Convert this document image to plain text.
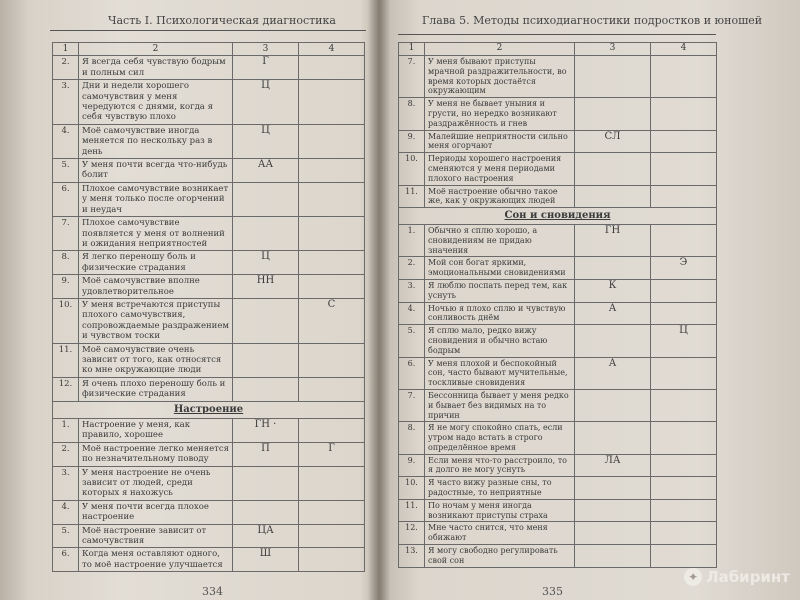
Часть I. Психологическая диагностика
1	2	3	4
2.	Я всегда себя чувствую бодрым и полным сил	Г	
3.	Дни и недели хорошего самочувствия у меня чередуются с днями, когда я себя чувствую плохо	Ц	
4.	Моё самочувствие иногда меняется по нескольку раз в день	Ц	
5.	У меня почти всегда что-нибудь болит	АА	
6.	Плохое самочувствие возникает у меня только после огорчений и неудач		
7.	Плохое самочувствие появляется у меня от волнений и ожидания неприятностей		
8.	Я легко переношу боль и физические страдания	Ц	
9.	Моё самочувствие вполне удовлетворительное	НН	
10.	У меня встречаются приступы плохого самочувствия, сопровождаемые раздражением и чувством тоски		С
11.	Моё самочувствие очень зависит от того, как относятся ко мне окружающие люди		
12.	Я очень плохо переношу боль и физические страдания		
Настроение			
1.	Настроение у меня, как правило, хорошее	ГН ·	
2.	Моё настроение легко меняется по незначительному поводу	П	Г
3.	У меня настроение не очень зависит от людей, среди которых я нахожусь		
4.	У меня почти всегда плохое настроение		
5.	Моё настроение зависит от самочувствия	ЦА	
6.	Когда меня оставляют одного, то моё настроение улучшается	Ш	
334
Глава 5. Методы психодиагностики подростков и юношей
1	2	3	4
7.	У меня бывают приступы мрачной раздражительности, во время которых достаётся окружающим		
8.	У меня не бывает уныния и грусти, но нередко возникают раздражённость и гнев		
9.	Малейшие неприятности сильно меня огорчают	СЛ	
10.	Периоды хорошего настроения сменяются у меня периодами плохого настроения		
11.	Моё настроение обычно такое же, как у окружающих людей		
Сон и сновидения			
1.	Обычно я сплю хорошо, а сновидениям не придаю значения	ГН	
2.	Мой сон богат яркими, эмоциональными сновидениями		Э
3.	Я люблю поспать перед тем, как уснуть	К	
4.	Ночью я плохо сплю и чувствую сонливость днём	А	
5.	Я сплю мало, редко вижу сновидения и обычно встаю бодрым		Ц
6.	У меня плохой и беспокойный сон, часто бывают мучительные, тоскливые сновидения	А	
7.	Бессонница бывает у меня редко и бывает без видимых на то причин		
8.	Я не могу спокойно спать, если утром надо встать в строго определённое время		
9.	Если меня что-то расстроило, то я долго не могу уснуть	ЛА	
10.	Я часто вижу разные сны, то радостные, то неприятные		
11.	По ночам у меня иногда возникают приступы страха		
12.	Мне часто снится, что меня обижают		
13.	Я могу свободно регулировать свой сон		
335
✦ Лабиринт
